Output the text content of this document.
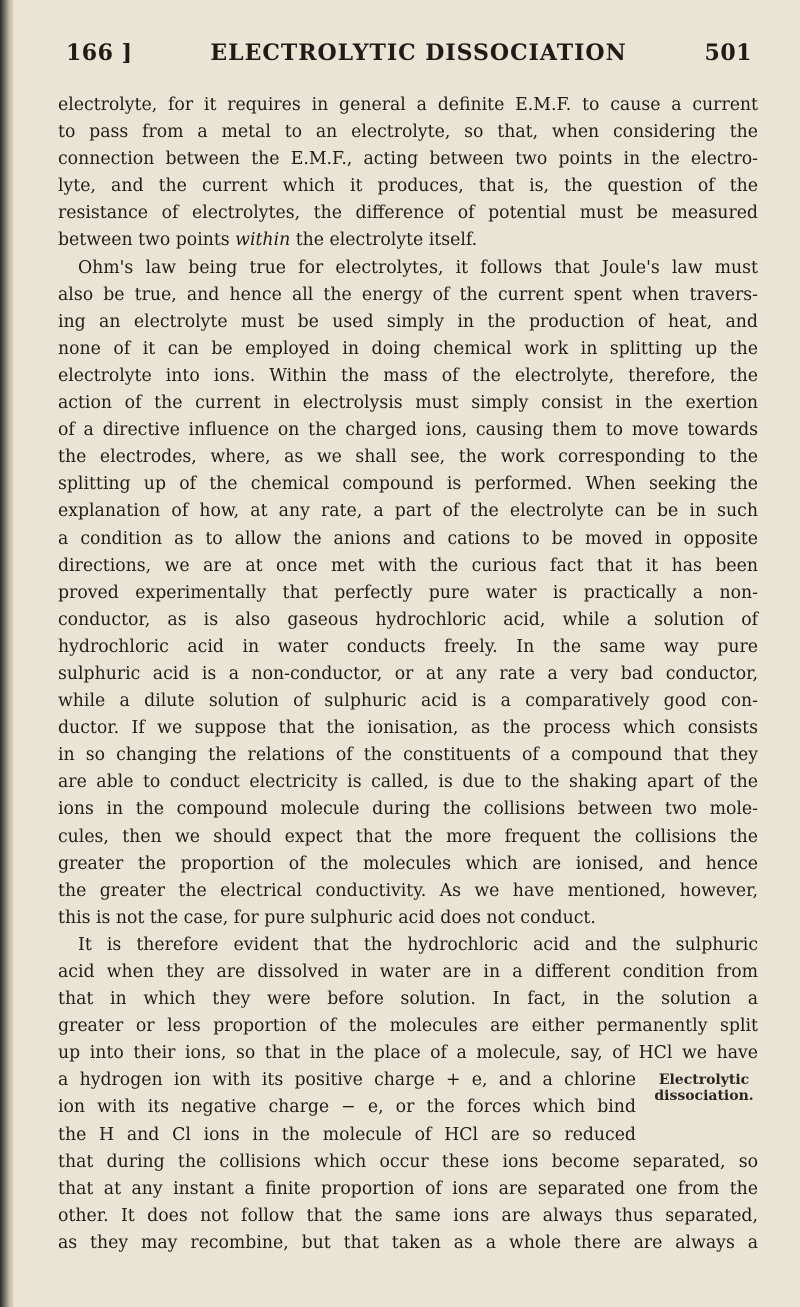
166 ]	ELECTROLYTIC DISSOCIATION	501
electrolyte, for it requires in general a definite E.M.F. to cause a current
to pass from a metal to an electrolyte, so that, when considering the
connection between the E.M.F., acting between two points in the electro-
lyte, and the current which it produces, that is, the question of the
resistance of electrolytes, the difference of potential must be measured
between two points within the electrolyte itself.
Ohm's law being true for electrolytes, it follows that Joule's law must
also be true, and hence all the energy of the current spent when travers-
ing an electrolyte must be used simply in the production of heat, and
none of it can be employed in doing chemical work in splitting up the
electrolyte into ions. Within the mass of the electrolyte, therefore, the
action of the current in electrolysis must simply consist in the exertion
of a directive influence on the charged ions, causing them to move towards
the electrodes, where, as we shall see, the work corresponding to the
splitting up of the chemical compound is performed. When seeking the
explanation of how, at any rate, a part of the electrolyte can be in such
a condition as to allow the anions and cations to be moved in opposite
directions, we are at once met with the curious fact that it has been
proved experimentally that perfectly pure water is practically a non-
conductor, as is also gaseous hydrochloric acid, while a solution of
hydrochloric acid in water conducts freely. In the same way pure
sulphuric acid is a non-conductor, or at any rate a very bad conductor,
while a dilute solution of sulphuric acid is a comparatively good con-
ductor. If we suppose that the ionisation, as the process which consists
in so changing the relations of the constituents of a compound that they
are able to conduct electricity is called, is due to the shaking apart of the
ions in the compound molecule during the collisions between two mole-
cules, then we should expect that the more frequent the collisions the
greater the proportion of the molecules which are ionised, and hence
the greater the electrical conductivity. As we have mentioned, however,
this is not the case, for pure sulphuric acid does not conduct.
It is therefore evident that the hydrochloric acid and the sulphuric
acid when they are dissolved in water are in a different condition from
that in which they were before solution. In fact, in the solution a
greater or less proportion of the molecules are either permanently split
up into their ions, so that in the place of a molecule, say, of HCl we have
a hydrogen ion with its positive charge + e, and a chlorine
ion with its negative charge − e, or the forces which bind
the H and Cl ions in the molecule of HCl are so reduced
Electrolytic
dissociation.
that during the collisions which occur these ions become separated, so
that at any instant a finite proportion of ions are separated one from the
other. It does not follow that the same ions are always thus separated,
as they may recombine, but that taken as a whole there are always a
